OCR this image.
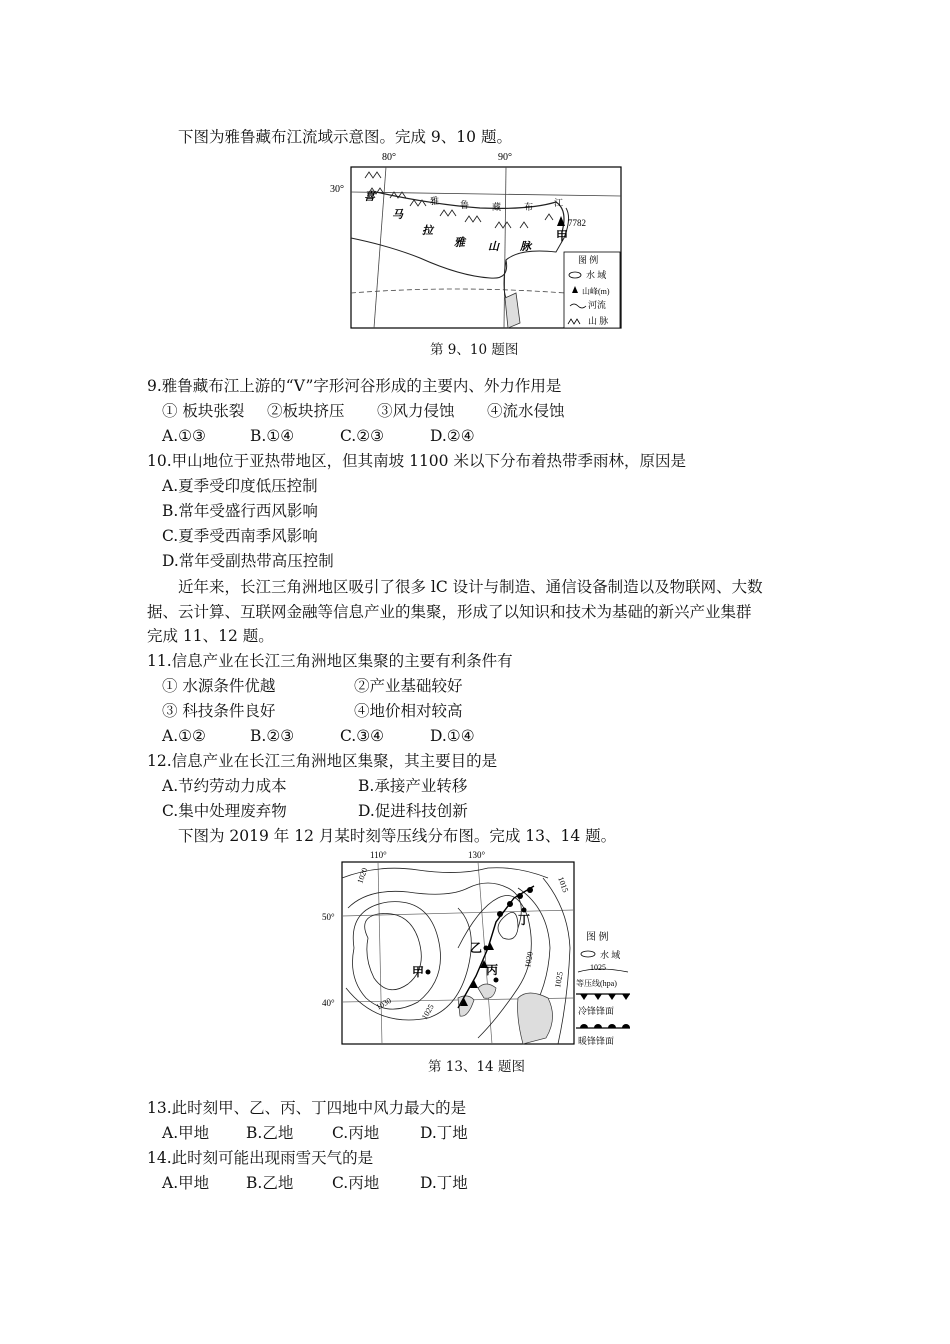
下图为雅鲁藏布江流域示意图。完成 9、10 题。
80°	90°
30°
喜
马
拉
雅 山 脉
雅 鲁	藏	布 江
7782
甲
图 例
水 域
山峰(m)
河流
山 脉
第 9、10 题图
9.雅鲁藏布江上游的“V”字形河谷形成的主要内、外力作用是
① 板块张裂	②板块挤压	③风力侵蚀	④流水侵蚀
A.①③	B.①④	C.②③	D.②④
10.甲山地位于亚热带地区，但其南坡 1100 米以下分布着热带季雨林，原因是
A.夏季受印度低压控制
B.常年受盛行西风影响
C.夏季受西南季风影响
D.常年受副热带高压控制
近年来，长江三角洲地区吸引了很多 lC 设计与制造、通信设备制造以及物联网、大数
据、云计算、互联网金融等信息产业的集聚，形成了以知识和技术为基础的新兴产业集群
完成 11、12 题。
11.信息产业在长江三角洲地区集聚的主要有利条件有
① 水源条件优越	②产业基础较好
③ 科技条件良好	④地价相对较高
A.①②	B.②③	C.③④	D.①④
12.信息产业在长江三角洲地区集聚，其主要目的是
A.节约劳动力成本	B.承接产业转移
C.集中处理废弃物	D.促进科技创新
下图为 2019 年 12 月某时刻等压线分布图。完成 13、14 题。
110°	130°
50°
40°
甲
乙
丙
丁
1020
1030	1025
1020
1015
1025
图 例
水 域
1025
等压线(hpa)
冷锋锋面
暖锋锋面
第 13、14 题图
13.此时刻甲、乙、丙、丁四地中风力最大的是
A.甲地	B.乙地	C.丙地	D.丁地
14.此时刻可能出现雨雪天气的是
A.甲地	B.乙地	C.丙地	D.丁地
